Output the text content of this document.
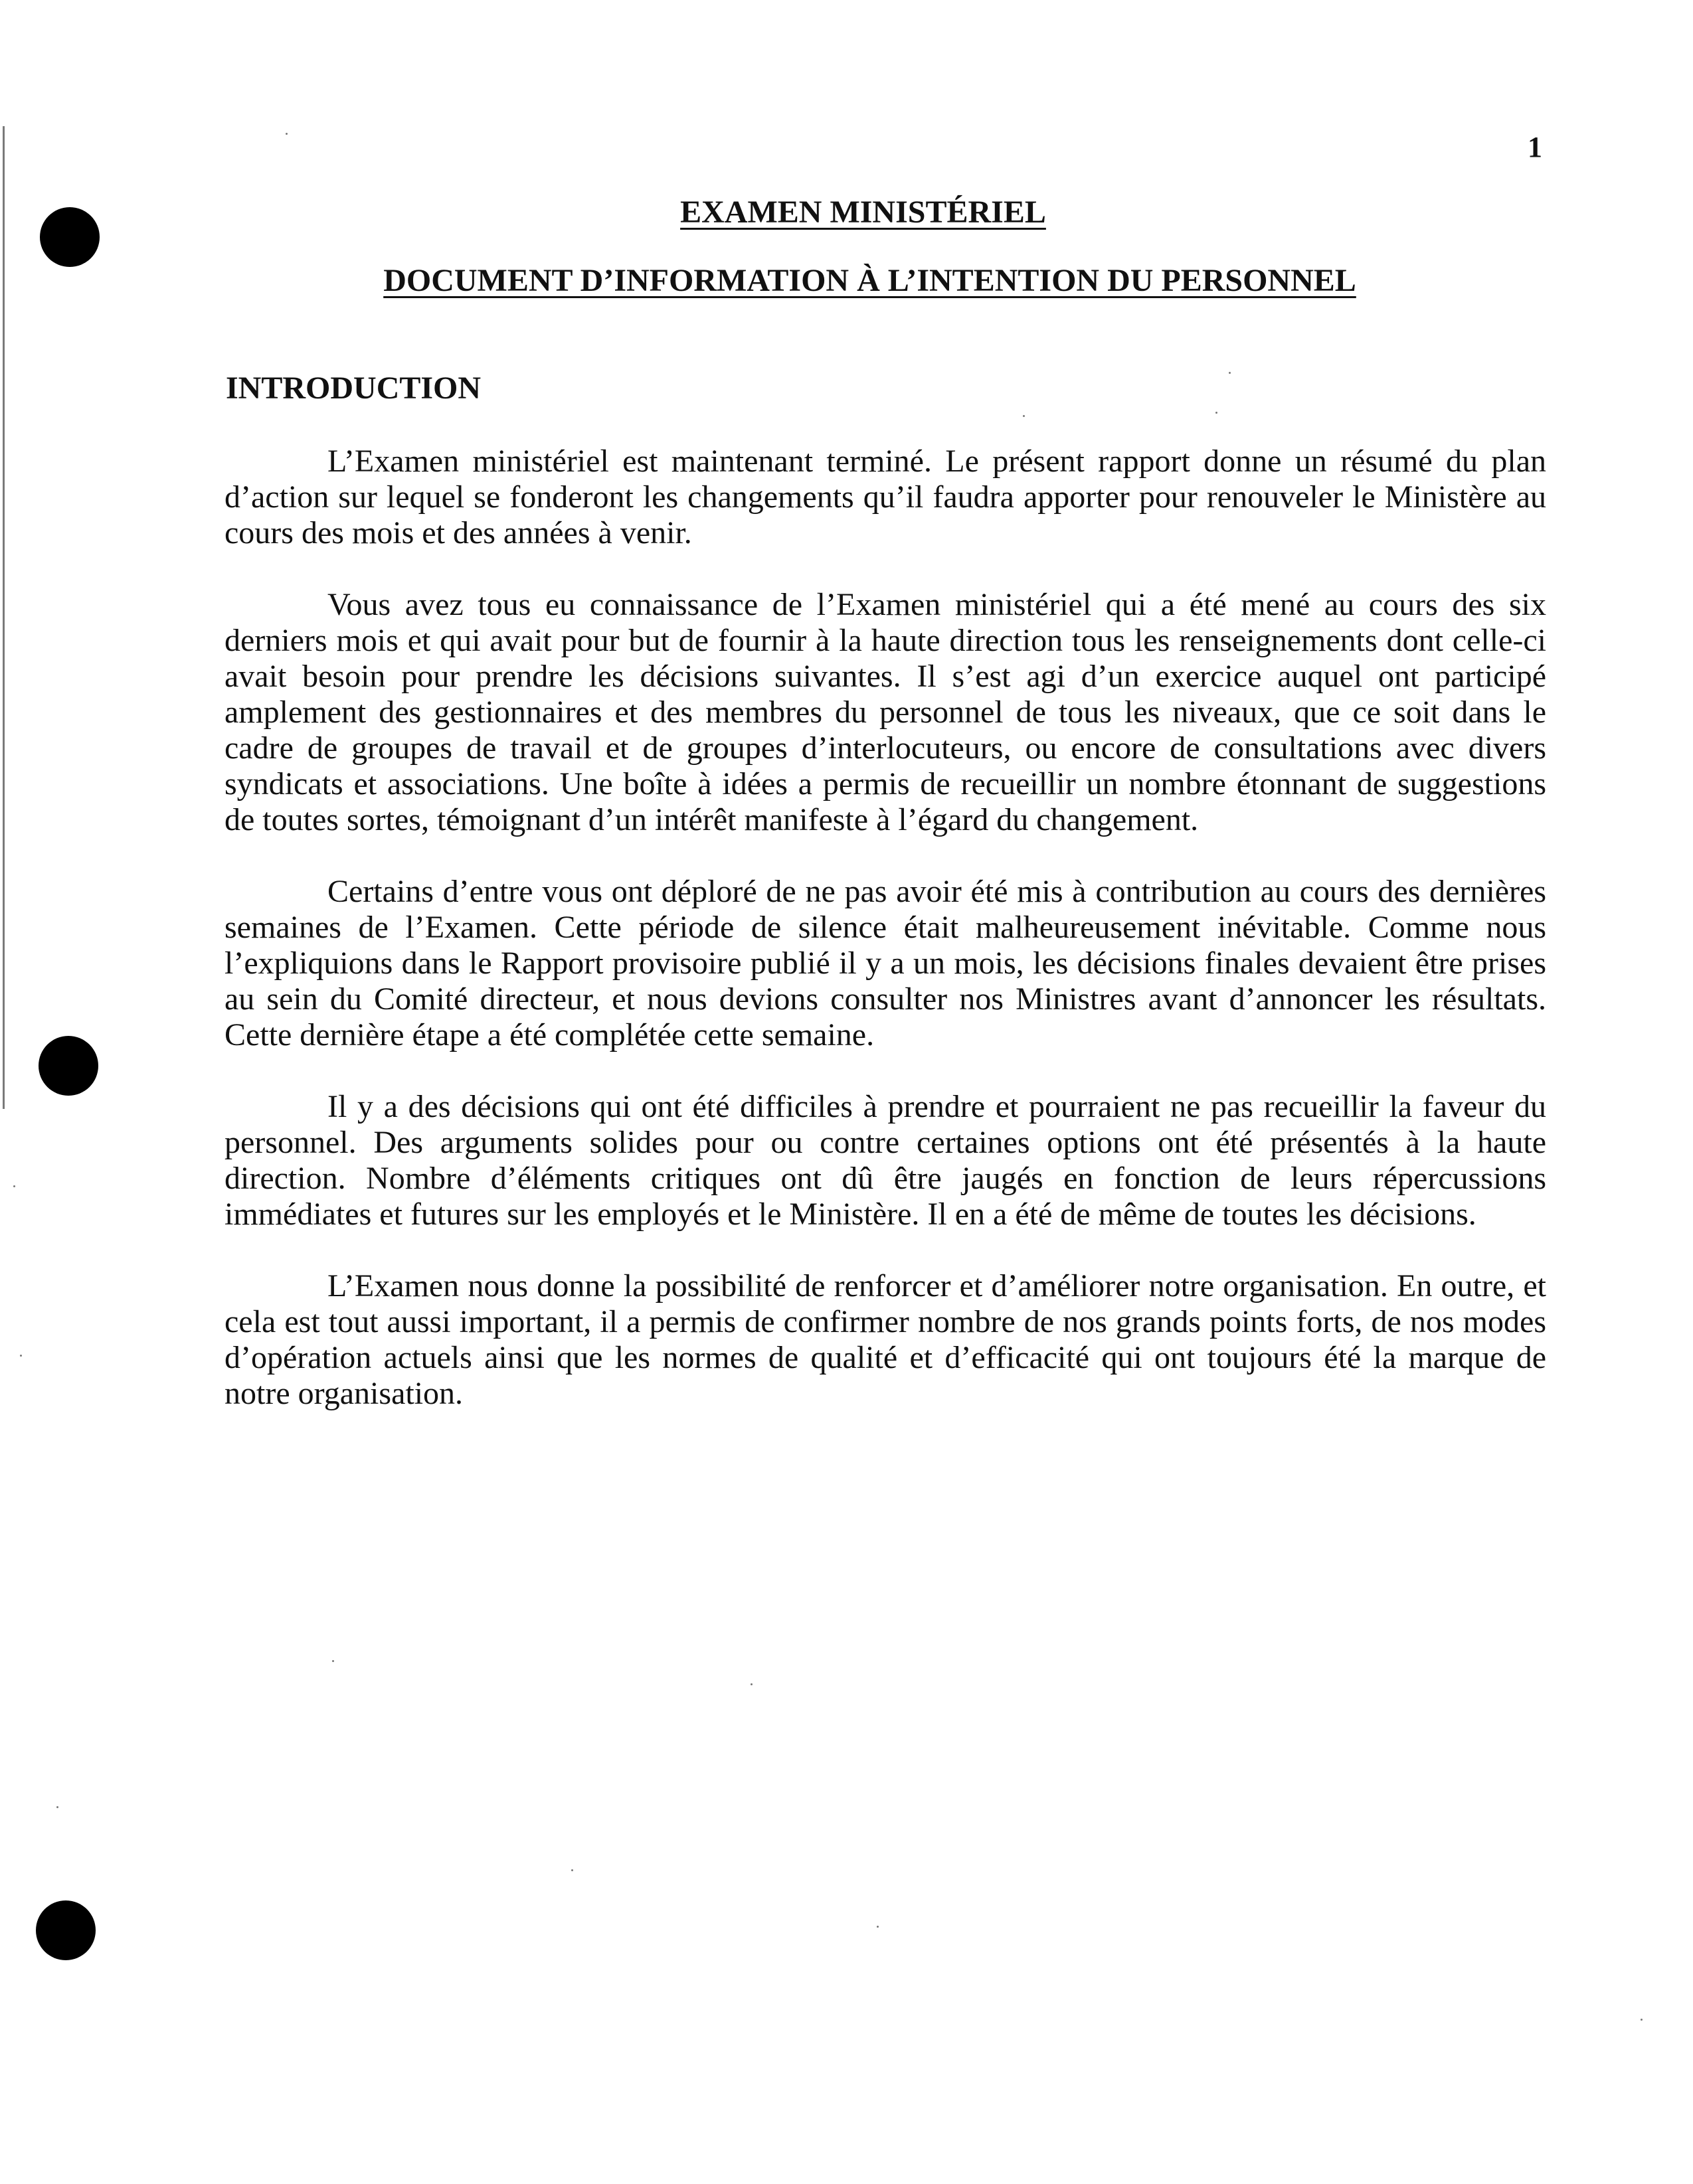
1
EXAMEN MINISTÉRIEL
DOCUMENT D’INFORMATION À L’INTENTION DU PERSONNEL
INTRODUCTION

L’Examen ministériel est maintenant terminé. Le présent rapport donne un résumé du plan d’action sur lequel se fonderont les changements qu’il faudra apporter pour renouveler le Ministère au cours des mois et des années à venir.

Vous avez tous eu connaissance de l’Examen ministériel qui a été mené au cours des six derniers mois et qui avait pour but de fournir à la haute direction tous les renseignements dont celle-ci avait besoin pour prendre les décisions suivantes. Il s’est agi d’un exercice auquel ont participé amplement des gestionnaires et des membres du personnel de tous les niveaux, que ce soit dans le cadre de groupes de travail et de groupes d’interlocuteurs, ou encore de consultations avec divers syndicats et associations. Une boîte à idées a permis de recueillir un nombre étonnant de suggestions de toutes sortes, témoignant d’un intérêt manifeste à l’égard du changement.

Certains d’entre vous ont déploré de ne pas avoir été mis à contribution au cours des dernières semaines de l’Examen. Cette période de silence était malheureusement inévitable. Comme nous l’expliquions dans le Rapport provisoire publié il y a un mois, les décisions finales devaient être prises au sein du Comité directeur, et nous devions consulter nos Ministres avant d’annoncer les résultats. Cette dernière étape a été complétée cette semaine.

Il y a des décisions qui ont été difficiles à prendre et pourraient ne pas recueillir la faveur du personnel. Des arguments solides pour ou contre certaines options ont été présentés à la haute direction. Nombre d’éléments critiques ont dû être jaugés en fonction de leurs répercussions immédiates et futures sur les employés et le Ministère. Il en a été de même de toutes les décisions.

L’Examen nous donne la possibilité de renforcer et d’améliorer notre organisation. En outre, et cela est tout aussi important, il a permis de confirmer nombre de nos grands points forts, de nos modes d’opération actuels ainsi que les normes de qualité et d’efficacité qui ont toujours été la marque de notre organisation.
